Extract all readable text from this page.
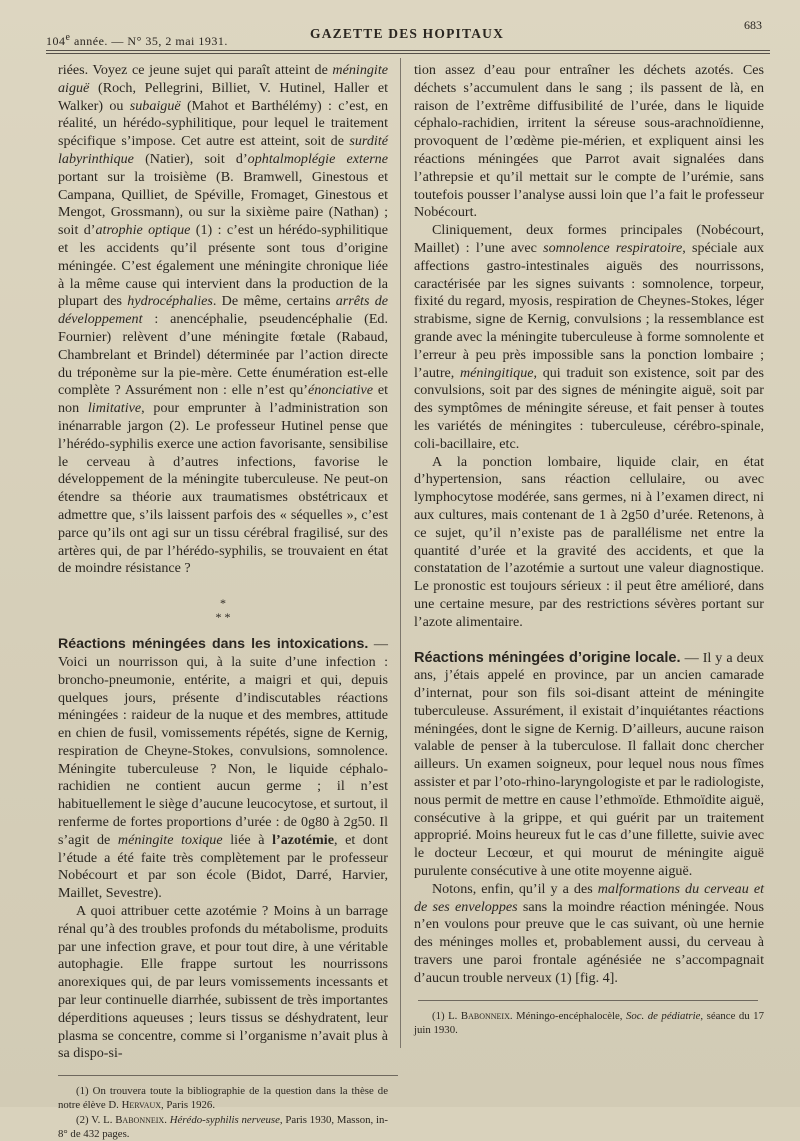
104e année. — N° 35, 2 mai 1931.	GAZETTE DES HOPITAUX
683

riées. Voyez ce jeune sujet qui paraît atteint de méningite aiguë (Roch, Pellegrini, Billiet, V. Hutinel, Haller et Walker) ou subaiguë (Mahot et Barthélémy) : c’est, en réalité, un hérédo-syphilitique, pour lequel le traitement spécifique s’impose. Cet autre est atteint, soit de surdité labyrinthique (Natier), soit d’ophtalmoplégie externe portant sur la troisième (B. Bramwell, Ginestous et Campana, Quilliet, de Spéville, Fromaget, Ginestous et Mengot, Grossmann), ou sur la sixième paire (Nathan) ; soit d’atrophie optique (1) : c’est un hérédo-syphilitique et les accidents qu’il présente sont tous d’origine méningée. C’est également une méningite chronique liée à la même cause qui intervient dans la production de la plupart des hydrocéphalies. De même, certains arrêts de développement : anencéphalie, pseudencéphalie (Ed. Fournier) relèvent d’une méningite fœtale (Rabaud, Chambrelant et Brindel) déterminée par l’action directe du tréponème sur la pie-mère. Cette énumération est-elle complète ? Assurément non : elle n’est qu’énonciative et non limitative, pour emprunter à l’administration son inénarrable jargon (2). Le professeur Hutinel pense que l’hérédo-syphilis exerce une action favorisante, sensibilise le cerveau à d’autres infections, favorise le développement de la méningite tuberculeuse. Ne peut-on étendre sa théorie aux traumatismes obstétricaux et admettre que, s’ils laissent parfois des « séquelles », c’est parce qu’ils ont agi sur un tissu cérébral fragilisé, sur des artères qui, de par l’hérédo-syphilis, se trouvaient en état de moindre résistance ?

*
* *

Réactions méningées dans les intoxications. — Voici un nourrisson qui, à la suite d’une infection : broncho-pneumonie, entérite, a maigri et qui, depuis quelques jours, présente d’indiscutables réactions méningées : raideur de la nuque et des membres, attitude en chien de fusil, vomissements répétés, signe de Kernig, respiration de Cheyne-Stokes, convulsions, somnolence. Méningite tuberculeuse ? Non, le liquide céphalo-rachidien ne contient aucun germe ; il n’est habituellement le siège d’aucune leucocytose, et surtout, il renferme de fortes proportions d’urée : de 0g80 à 2g50. Il s’agit de méningite toxique liée à l’azotémie, et dont l’étude a été faite très complètement par le professeur Nobécourt et par son école (Bidot, Darré, Harvier, Maillet, Sevestre).

A quoi attribuer cette azotémie ? Moins à un barrage rénal qu’à des troubles profonds du métabolisme, produits par une infection grave, et pour tout dire, à une véritable autophagie. Elle frappe surtout les nourrissons anorexiques qui, de par leurs vomissements incessants et par leur continuelle diarrhée, subissent de très importantes déperditions aqueuses ; leurs tissus se déshydratent, leur plasma se concentre, comme si l’organisme n’avait plus à sa dispo-si-

(1) On trouvera toute la bibliographie de la question dans la thèse de notre élève D. Hervaux, Paris 1926.

(2) V. L. Babonneix. Hérédo-syphilis nerveuse, Paris 1930, Masson, in-8° de 432 pages.

tion assez d’eau pour entraîner les déchets azotés. Ces déchets s’accumulent dans le sang ; ils passent de là, en raison de l’extrême diffusibilité de l’urée, dans le liquide céphalo-rachidien, irritent la séreuse sous-arachnoïdienne, provoquent de l’œdème pie-mérien, et expliquent ainsi les réactions méningées que Parrot avait signalées dans l’athrepsie et qu’il mettait sur le compte de l’urémie, sans toutefois pousser l’analyse aussi loin que l’a fait le professeur Nobécourt.

Cliniquement, deux formes principales (Nobécourt, Maillet) : l’une avec somnolence respiratoire, spéciale aux affections gastro-intestinales aiguës des nourrissons, caractérisée par les signes suivants : somnolence, torpeur, fixité du regard, myosis, respiration de Cheynes-Stokes, léger strabisme, signe de Kernig, convulsions ; la ressemblance est grande avec la méningite tuberculeuse à forme somnolente et l’erreur à peu près impossible sans la ponction lombaire ; l’autre, méningitique, qui traduit son existence, soit par des convulsions, soit par des signes de méningite aiguë, soit par des symptômes de méningite séreuse, et fait penser à toutes les variétés de méningites : tuberculeuse, cérébro-spinale, coli-bacillaire, etc.

A la ponction lombaire, liquide clair, en état d’hypertension, sans réaction cellulaire, ou avec lymphocytose modérée, sans germes, ni à l’examen direct, ni aux cultures, mais contenant de 1 à 2g50 d’urée. Retenons, à ce sujet, qu’il n’existe pas de parallélisme net entre la quantité d’urée et la gravité des accidents, et que la constatation de l’azotémie a surtout une valeur diagnostique. Le pronostic est toujours sérieux : il peut être amélioré, dans une certaine mesure, par des restrictions sévères portant sur l’azote alimentaire.

Réactions méningées d’origine locale. — Il y a deux ans, j’étais appelé en province, par un ancien camarade d’internat, pour son fils soi-disant atteint de méningite tuberculeuse. Assurément, il existait d’inquiétantes réactions méningées, dont le signe de Kernig. D’ailleurs, aucune raison valable de penser à la tuberculose. Il fallait donc chercher ailleurs. Un examen soigneux, pour lequel nous nous fîmes assister et par l’oto-rhino-laryngologiste et par le radiologiste, nous permit de mettre en cause l’ethmoïde. Ethmoïdite aiguë, consécutive à la grippe, et qui guérit par un traitement approprié. Moins heureux fut le cas d’une fillette, suivie avec le docteur Lecœur, et qui mourut de méningite aiguë purulente consécutive à une otite moyenne aiguë.

Notons, enfin, qu’il y a des malformations du cerveau et de ses enveloppes sans la moindre réaction méningée. Nous n’en voulons pour preuve que le cas suivant, où une hernie des méninges molles et, probablement aussi, du cerveau à travers une paroi frontale agénésiée ne s’accompagnait d’aucun trouble nerveux (1) [fig. 4].

(1) L. Babonneix. Méningo-encéphalocèle, Soc. de pédiatrie, séance du 17 juin 1930.
